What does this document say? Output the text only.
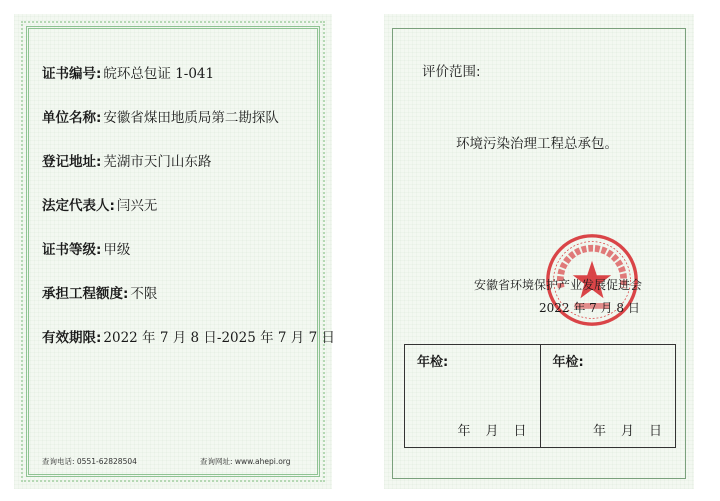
证书编号: 皖环总包证 1-041
单位名称: 安徽省煤田地质局第二勘探队
登记地址: 芜湖市天门山东路
法定代表人: 闫兴无
证书等级: 甲级
承担工程额度: 不限
有效期限: 2022 年 7 月 8 日-2025 年 7 月 7 日
查询电话: 0551-62828504	查询网址: www.ahepi.org
评价范围:
环境污染治理工程总承包。
安徽省环境保护产业发展促进会
2022 年 7 月 8 日
年检:
年　月　日
年检:
年　月　日
